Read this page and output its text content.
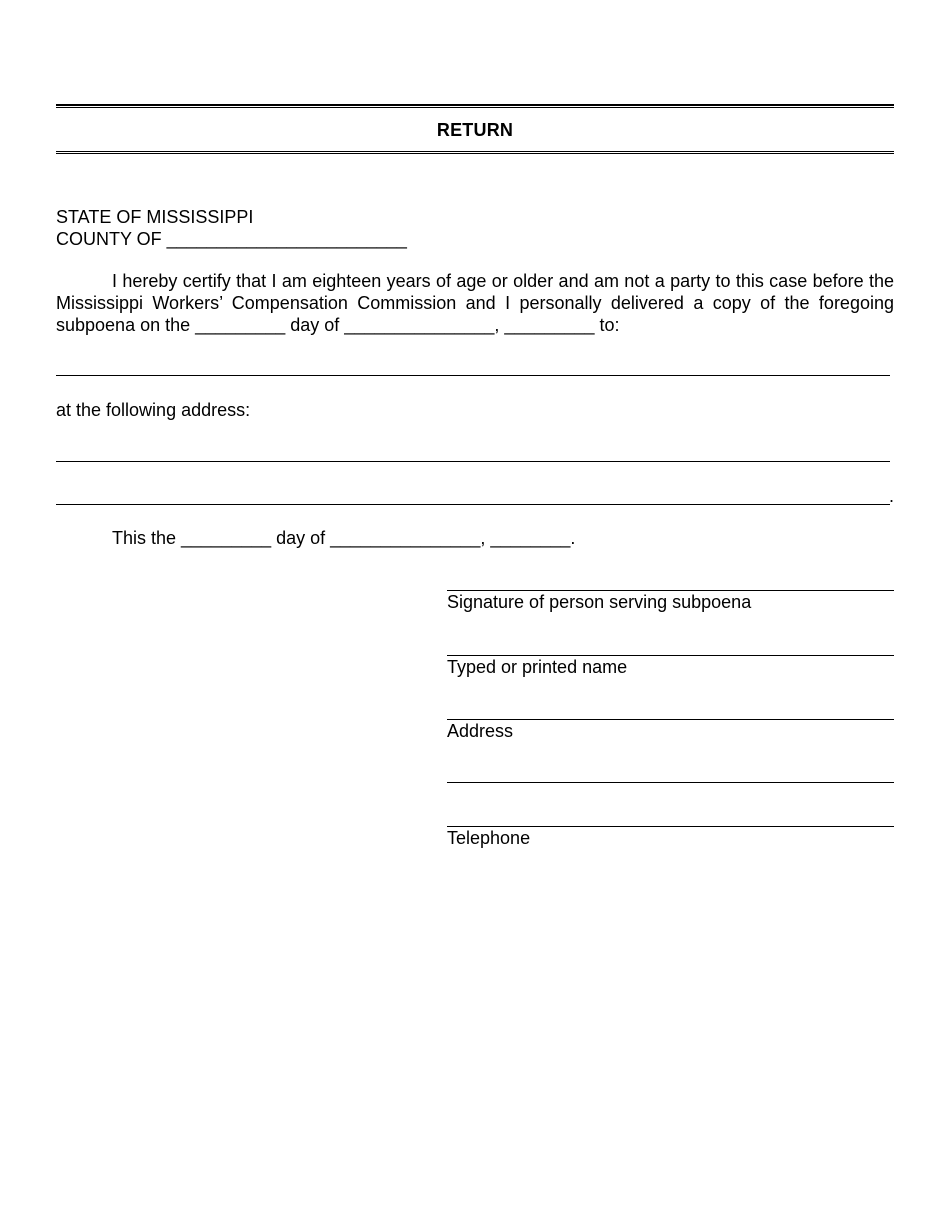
RETURN
STATE OF MISSISSIPPI
COUNTY OF ________________________
I hereby certify that I am eighteen years of age or older and am not a party to this case before the Mississippi Workers’ Compensation Commission and I personally delivered a copy of the foregoing subpoena on the _________ day of _______________, _________ to:
at the following address:
.
This the _________ day of _______________, ________.
Signature of person serving subpoena
Typed or printed name
Address
Telephone
